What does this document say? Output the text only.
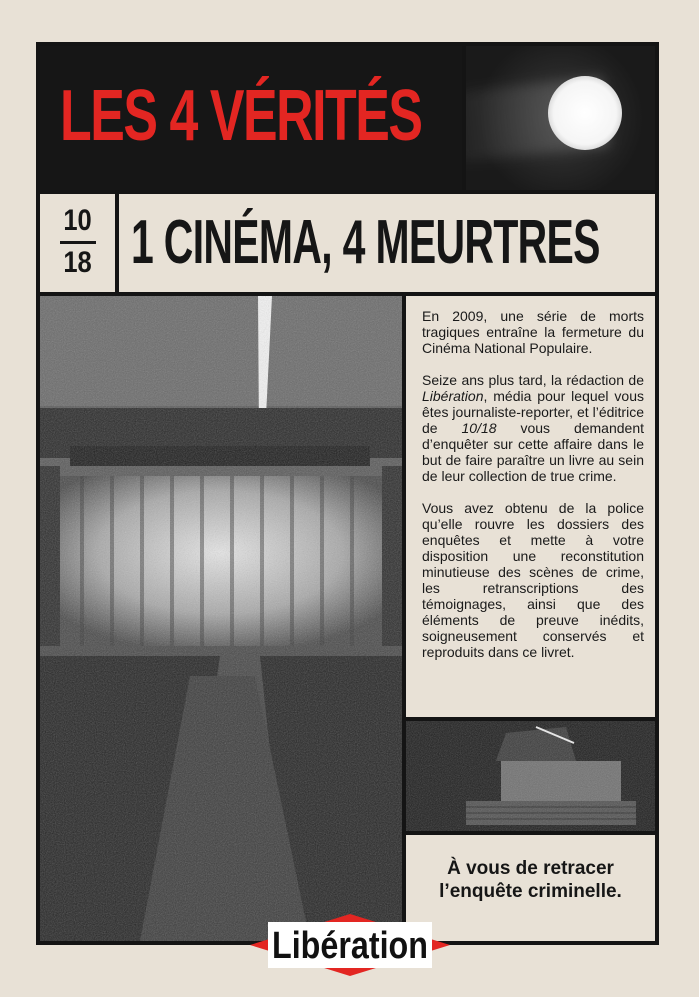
LES 4 VÉRITÉS
10
18 1 CINÉMA, 4 MEURTRES

En 2009, une série de morts tragiques entraîne la fermeture du Cinéma National Populaire.

Seize ans plus tard, la rédaction de Libération, média pour lequel vous êtes journaliste-reporter, et l’éditrice de 10/18 vous demandent d’enquêter sur cette affaire dans le but de faire paraître un livre au sein de leur collection de true crime.

Vous avez obtenu de la police qu’elle rouvre les dossiers des enquêtes et mette à votre disposition une reconstitution minutieuse des scènes de crime, les retranscriptions des témoignages, ainsi que des éléments de preuve inédits, soigneusement conservés et reproduits dans ce livret.

À vous de retracer
l’enquête criminelle.
Libération
